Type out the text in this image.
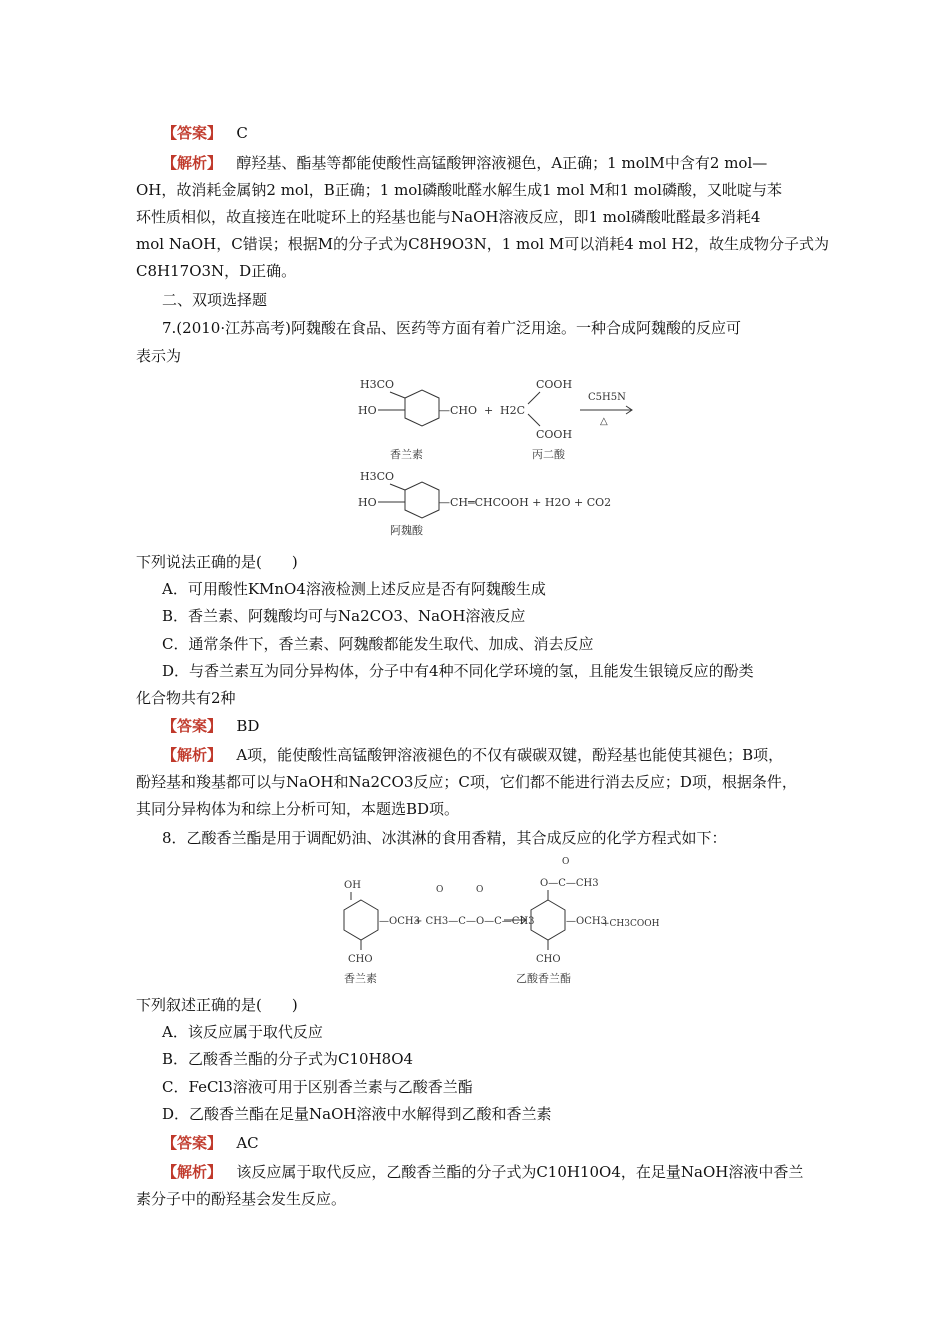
【答案】 C
【解析】 醇羟基、酯基等都能使酸性高锰酸钾溶液褪色，A正确；1 molM中含有2 mol—
OH，故消耗金属钠2 mol，B正确；1 mol磷酸吡醛水解生成1 mol M和1 mol磷酸，又吡啶与苯
环性质相似，故直接连在吡啶环上的羟基也能与NaOH溶液反应，即1 mol磷酸吡醛最多消耗4
mol NaOH，C错误；根据M的分子式为C8H9O3N，1 mol M可以消耗4 mol H2，故生成物分子式为
C8H17O3N，D正确。
二、双项选择题
7.(2010·江苏高考)阿魏酸在食品、医药等方面有着广泛用途。一种合成阿魏酸的反应可
表示为
H3CO
HO	—CHO +
COOH
H2C
COOH
C5H5N
△
香兰素	丙二酸
H3CO
HO	—CH═CHCOOH + H2O + CO2
阿魏酸
下列说法正确的是(　　)
A．可用酸性KMnO4溶液检测上述反应是否有阿魏酸生成
B．香兰素、阿魏酸均可与Na2CO3、NaOH溶液反应
C．通常条件下，香兰素、阿魏酸都能发生取代、加成、消去反应
D．与香兰素互为同分异构体，分子中有4种不同化学环境的氢，且能发生银镜反应的酚类
化合物共有2种
【答案】 BD
【解析】 A项，能使酸性高锰酸钾溶液褪色的不仅有碳碳双键，酚羟基也能使其褪色；B项，
酚羟基和羧基都可以与NaOH和Na2CO3反应；C项，它们都不能进行消去反应；D项，根据条件，
其同分异构体为和综上分析可知，本题选BD项。
8．乙酸香兰酯是用于调配奶油、冰淇淋的食用香精，其合成反应的化学方程式如下：
OH
—OCH3
CHO
O	O
+ CH3—C—O—C—CH3
O
O—C—CH3
—OCH3
CHO
+CH3COOH
香兰素	乙酸香兰酯
下列叙述正确的是(　　)
A．该反应属于取代反应
B．乙酸香兰酯的分子式为C10H8O4
C．FeCl3溶液可用于区别香兰素与乙酸香兰酯
D．乙酸香兰酯在足量NaOH溶液中水解得到乙酸和香兰素
【答案】 AC
【解析】 该反应属于取代反应，乙酸香兰酯的分子式为C10H10O4，在足量NaOH溶液中香兰
素分子中的酚羟基会发生反应。
